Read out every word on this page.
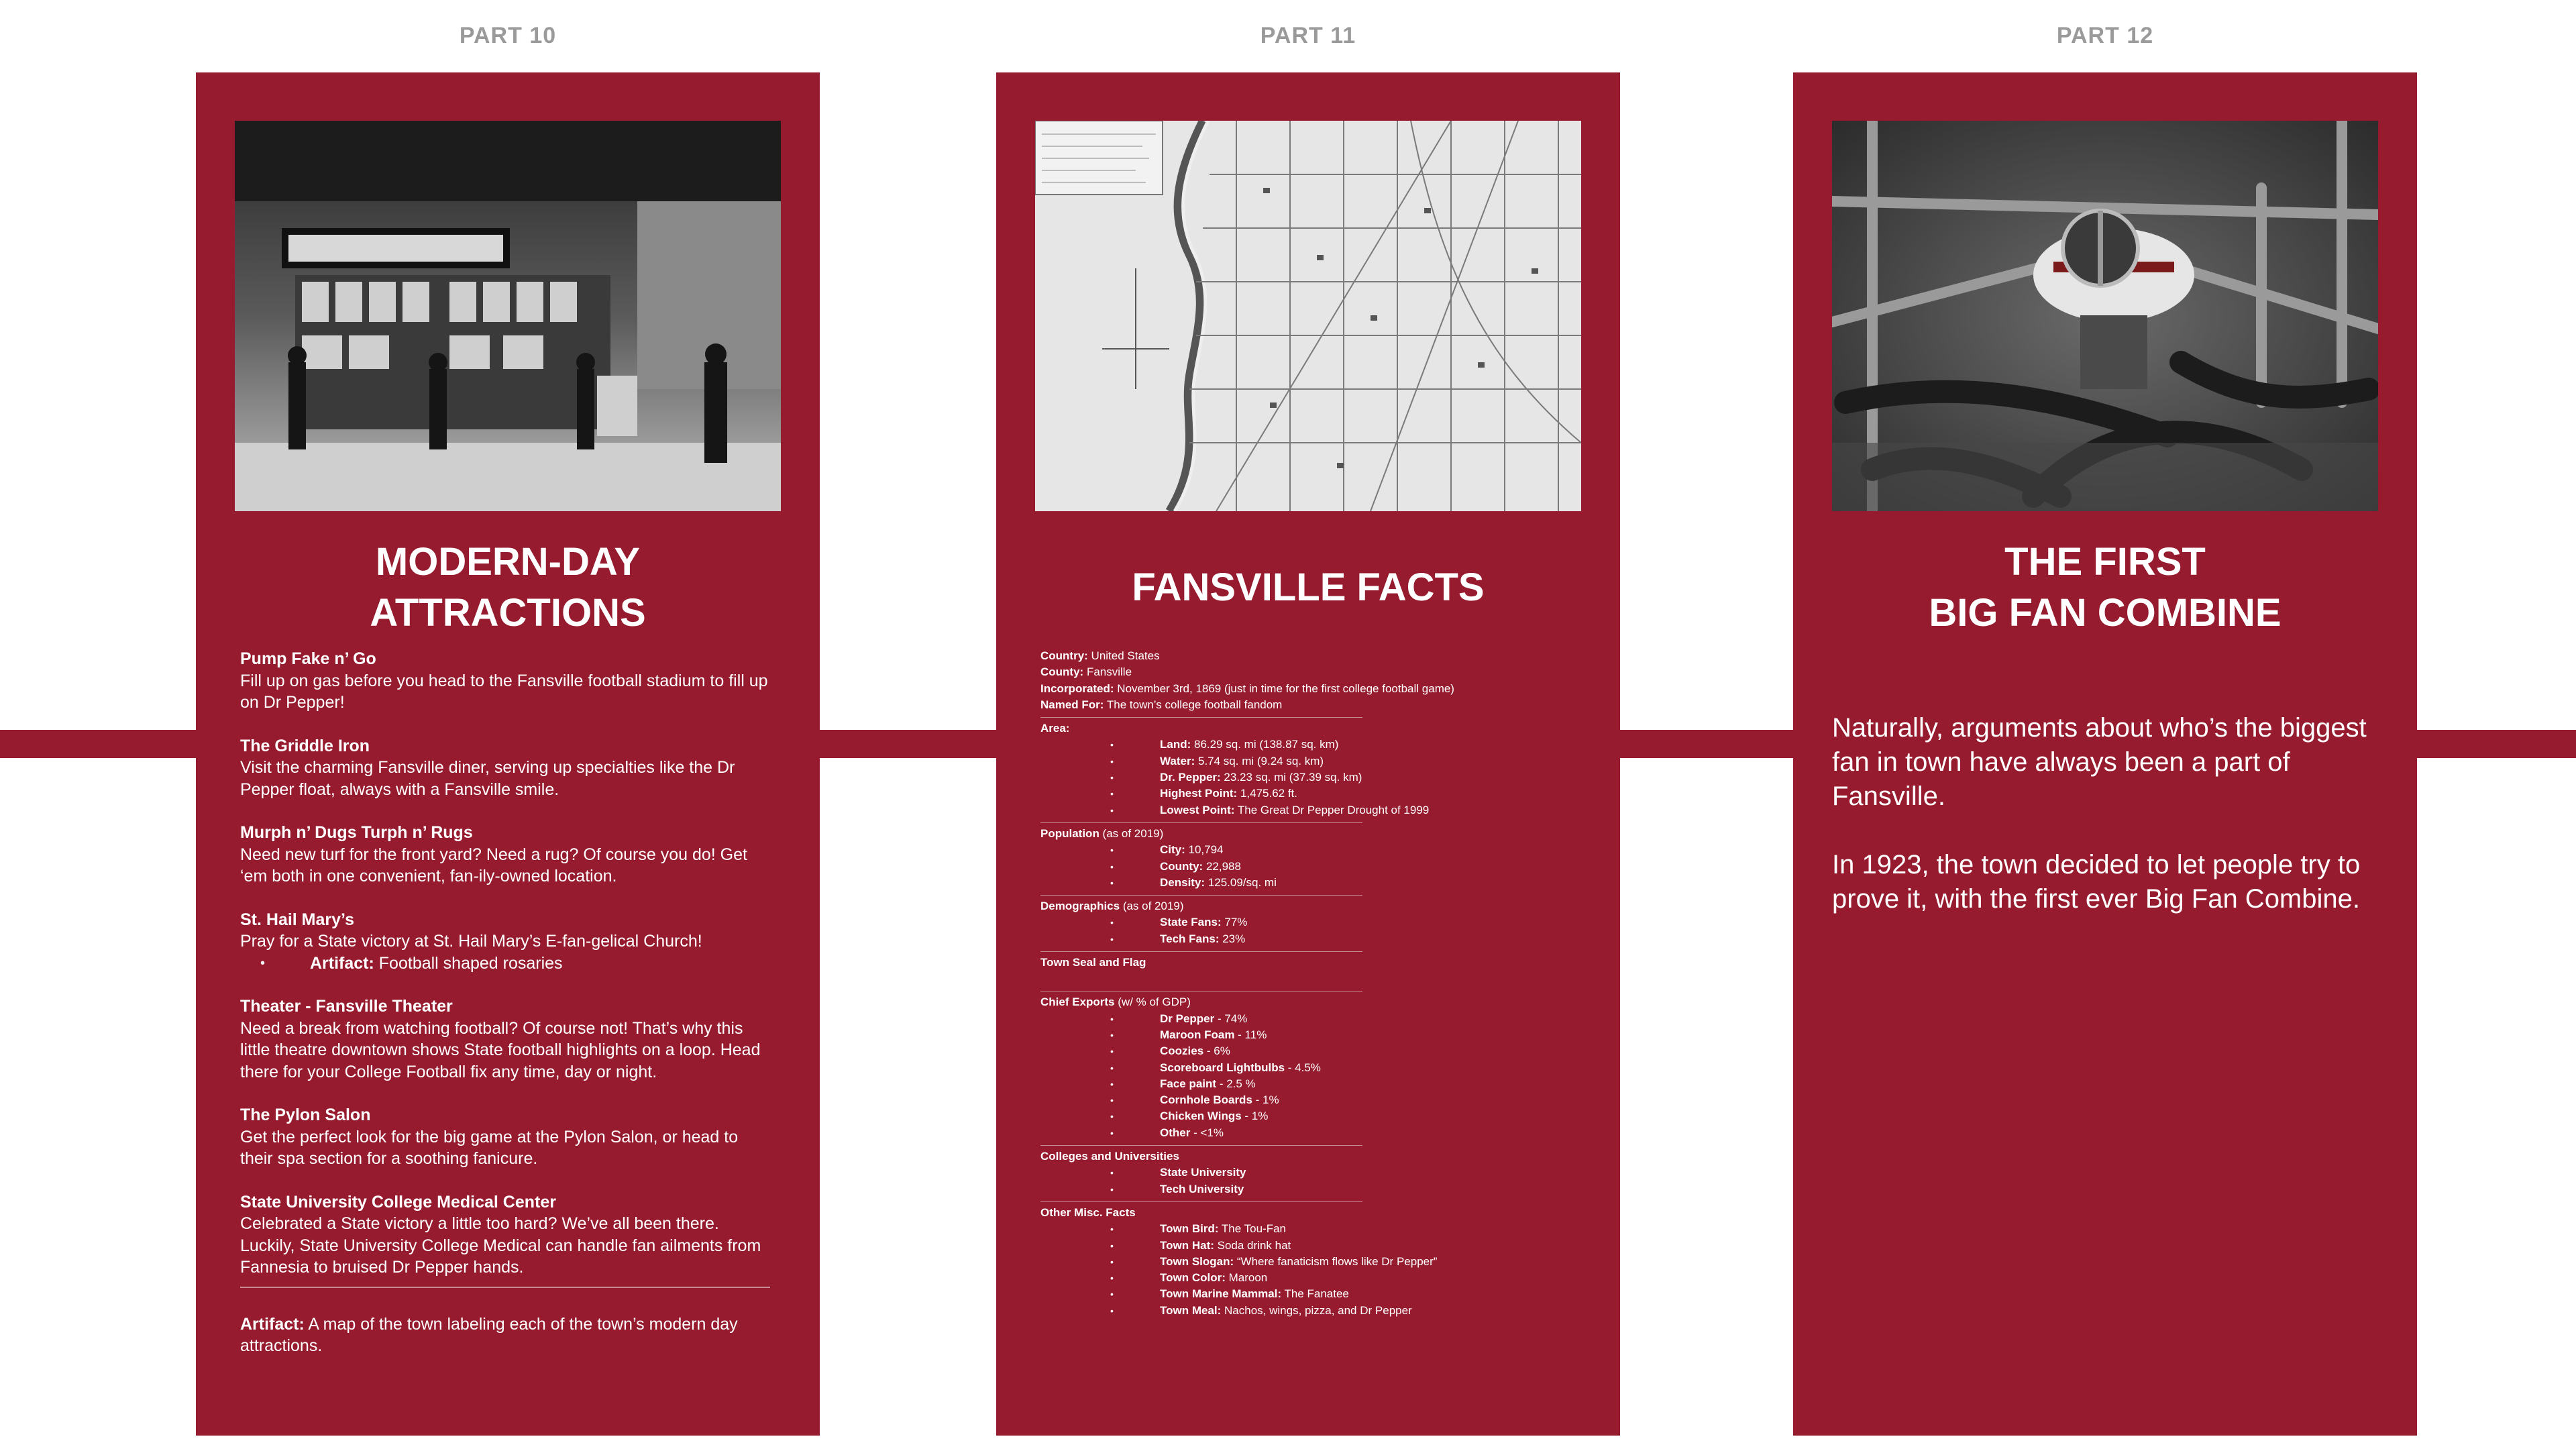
PART 10	PART 11	PART 12
MODERN-DAY
ATTRACTIONS
Pump Fake n’ Go
Fill up on gas before you head to the Fansville football stadium to fill up on Dr Pepper!
The Griddle Iron
Visit the charming Fansville diner, serving up specialties like the Dr Pepper float, always with a Fansville smile.
Murph n’ Dugs Turph n’ Rugs
Need new turf for the front yard? Need a rug? Of course you do! Get ‘em both in one convenient, fan-ily-owned location.
St. Hail Mary’s
Pray for a State victory at St. Hail Mary’s E-fan-gelical Church!
• Artifact: Football shaped rosaries
Theater - Fansville Theater
Need a break from watching football? Of course not! That’s why this little theatre downtown shows State football highlights on a loop. Head there for your College Football fix any time, day or night.
The Pylon Salon
Get the perfect look for the big game at the Pylon Salon, or head to their spa section for a soothing fanicure.
State University College Medical Center
Celebrated a State victory a little too hard? We’ve all been there. Luckily, State University College Medical can handle fan ailments from Fannesia to bruised Dr Pepper hands.
Artifact: A map of the town labeling each of the town’s modern day attractions.
FANSVILLE FACTS
Country: United States
County: Fansville
Incorporated: November 3rd, 1869 (just in time for the first college football game)
Named For: The town’s college football fandom
Area:
• Land: 86.29 sq. mi (138.87 sq. km)
• Water: 5.74 sq. mi (9.24 sq. km)
• Dr. Pepper: 23.23 sq. mi (37.39 sq. km)
• Highest Point: 1,475.62 ft.
• Lowest Point: The Great Dr Pepper Drought of 1999
Population (as of 2019)
• City: 10,794
• County: 22,988
• Density: 125.09/sq. mi
Demographics (as of 2019)
• State Fans: 77%
• Tech Fans: 23%
Town Seal and Flag
Chief Exports (w/ % of GDP)
• Dr Pepper - 74%
• Maroon Foam - 11%
• Coozies - 6%
• Scoreboard Lightbulbs - 4.5%
• Face paint - 2.5 %
• Cornhole Boards - 1%
• Chicken Wings - 1%
• Other - <1%
Colleges and Universities
• State University
• Tech University
Other Misc. Facts
• Town Bird: The Tou-Fan
• Town Hat: Soda drink hat
• Town Slogan: “Where fanaticism flows like Dr Pepper”
• Town Color: Maroon
• Town Marine Mammal: The Fanatee
• Town Meal: Nachos, wings, pizza, and Dr Pepper
THE FIRST
BIG FAN COMBINE
Naturally, arguments about who’s the biggest fan in town have always been a part of Fansville.

In 1923, the town decided to let people try to prove it, with the first ever Big Fan Combine.
